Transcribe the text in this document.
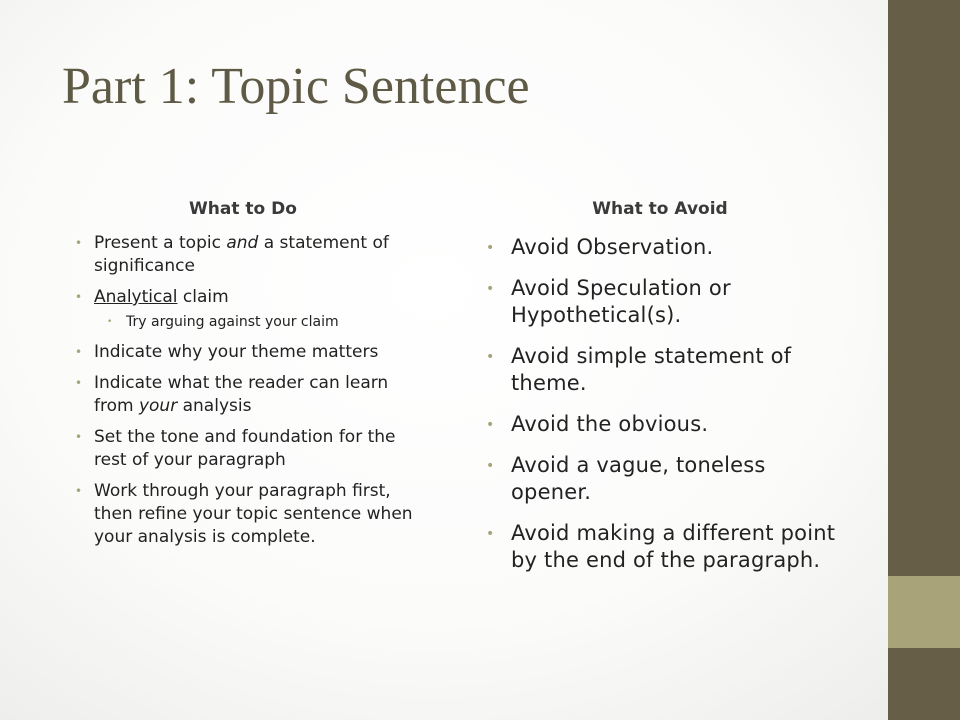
Part 1: Topic Sentence
What to Do	What to Avoid
• Present a topic and a statement of significance
• Analytical claim
• Try arguing against your claim
• Indicate why your theme matters
• Indicate what the reader can learn from your analysis
• Set the tone and foundation for the rest of your paragraph
• Work through your paragraph first, then refine your topic sentence when your analysis is complete.
• Avoid Observation.
• Avoid Speculation or Hypothetical(s).
• Avoid simple statement of theme.
• Avoid the obvious.
• Avoid a vague, toneless opener.
• Avoid making a different point by the end of the paragraph.
